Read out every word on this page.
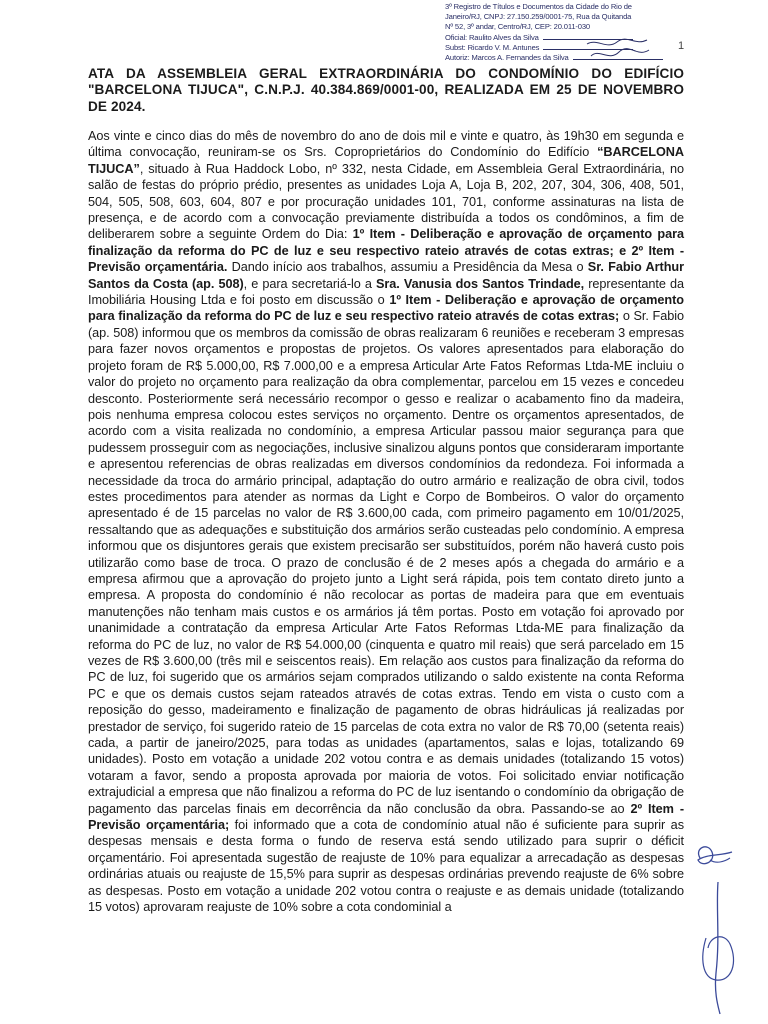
3º Registro de Títulos e Documentos da Cidade do Rio de
Janeiro/RJ, CNPJ: 27.150.259/0001-75, Rua da Quitanda
Nº 52, 3º andar, Centro/RJ, CEP: 20.011-030
Oficial: Raulito Alves da Silva
Subst: Ricardo V. M. Antunes
Autoriz: Marcos A. Fernandes da Silva
1
ATA DA ASSEMBLEIA GERAL EXTRAORDINÁRIA DO CONDOMÍNIO DO EDIFÍCIO "BARCELONA TIJUCA", C.N.P.J. 40.384.869/0001-00, REALIZADA EM 25 DE NOVEMBRO DE 2024.
Aos vinte e cinco dias do mês de novembro do ano de dois mil e vinte e quatro, às 19h30 em segunda e última convocação, reuniram-se os Srs. Coproprietários do Condomínio do Edifício “BARCELONA TIJUCA”, situado à Rua Haddock Lobo, nº 332, nesta Cidade, em Assembleia Geral Extraordinária, no salão de festas do próprio prédio, presentes as unidades Loja A, Loja B, 202, 207, 304, 306, 408, 501, 504, 505, 508, 603, 604, 807 e por procuração unidades 101, 701, conforme assinaturas na lista de presença, e de acordo com a convocação previamente distribuída a todos os condôminos, a fim de deliberarem sobre a seguinte Ordem do Dia: 1º Item - Deliberação e aprovação de orçamento para finalização da reforma do PC de luz e seu respectivo rateio através de cotas extras; e 2º Item - Previsão orçamentária. Dando início aos trabalhos, assumiu a Presidência da Mesa o Sr. Fabio Arthur Santos da Costa (ap. 508), e para secretariá-lo a Sra. Vanusia dos Santos Trindade, representante da Imobiliária Housing Ltda e foi posto em discussão o 1º Item - Deliberação e aprovação de orçamento para finalização da reforma do PC de luz e seu respectivo rateio através de cotas extras; o Sr. Fabio (ap. 508) informou que os membros da comissão de obras realizaram 6 reuniões e receberam 3 empresas para fazer novos orçamentos e propostas de projetos. Os valores apresentados para elaboração do projeto foram de R$ 5.000,00, R$ 7.000,00 e a empresa Articular Arte Fatos Reformas Ltda-ME incluiu o valor do projeto no orçamento para realização da obra complementar, parcelou em 15 vezes e concedeu desconto. Posteriormente será necessário recompor o gesso e realizar o acabamento fino da madeira, pois nenhuma empresa colocou estes serviços no orçamento. Dentre os orçamentos apresentados, de acordo com a visita realizada no condomínio, a empresa Articular passou maior segurança para que pudessem prosseguir com as negociações, inclusive sinalizou alguns pontos que consideraram importante e apresentou referencias de obras realizadas em diversos condomínios da redondeza. Foi informada a necessidade da troca do armário principal, adaptação do outro armário e realização de obra civil, todos estes procedimentos para atender as normas da Light e Corpo de Bombeiros. O valor do orçamento apresentado é de 15 parcelas no valor de R$ 3.600,00 cada, com primeiro pagamento em 10/01/2025, ressaltando que as adequações e substituição dos armários serão custeadas pelo condomínio. A empresa informou que os disjuntores gerais que existem precisarão ser substituídos, porém não haverá custo pois utilizarão como base de troca. O prazo de conclusão é de 2 meses após a chegada do armário e a empresa afirmou que a aprovação do projeto junto a Light será rápida, pois tem contato direto junto a empresa. A proposta do condomínio é não recolocar as portas de madeira para que em eventuais manutenções não tenham mais custos e os armários já têm portas. Posto em votação foi aprovado por unanimidade a contratação da empresa Articular Arte Fatos Reformas Ltda-ME para finalização da reforma do PC de luz, no valor de R$ 54.000,00 (cinquenta e quatro mil reais) que será parcelado em 15 vezes de R$ 3.600,00 (três mil e seiscentos reais). Em relação aos custos para finalização da reforma do PC de luz, foi sugerido que os armários sejam comprados utilizando o saldo existente na conta Reforma PC e que os demais custos sejam rateados através de cotas extras. Tendo em vista o custo com a reposição do gesso, madeiramento e finalização de pagamento de obras hidráulicas já realizadas por prestador de serviço, foi sugerido rateio de 15 parcelas de cota extra no valor de R$ 70,00 (setenta reais) cada, a partir de janeiro/2025, para todas as unidades (apartamentos, salas e lojas, totalizando 69 unidades). Posto em votação a unidade 202 votou contra e as demais unidades (totalizando 15 votos) votaram a favor, sendo a proposta aprovada por maioria de votos. Foi solicitado enviar notificação extrajudicial a empresa que não finalizou a reforma do PC de luz isentando o condomínio da obrigação de pagamento das parcelas finais em decorrência da não conclusão da obra. Passando-se ao 2º Item - Previsão orçamentária; foi informado que a cota de condomínio atual não é suficiente para suprir as despesas mensais e desta forma o fundo de reserva está sendo utilizado para suprir o déficit orçamentário. Foi apresentada sugestão de reajuste de 10% para equalizar a arrecadação as despesas ordinárias atuais ou reajuste de 15,5% para suprir as despesas ordinárias prevendo reajuste de 6% sobre as despesas. Posto em votação a unidade 202 votou contra o reajuste e as demais unidade (totalizando 15 votos) aprovaram reajuste de 10% sobre a cota condominial a
